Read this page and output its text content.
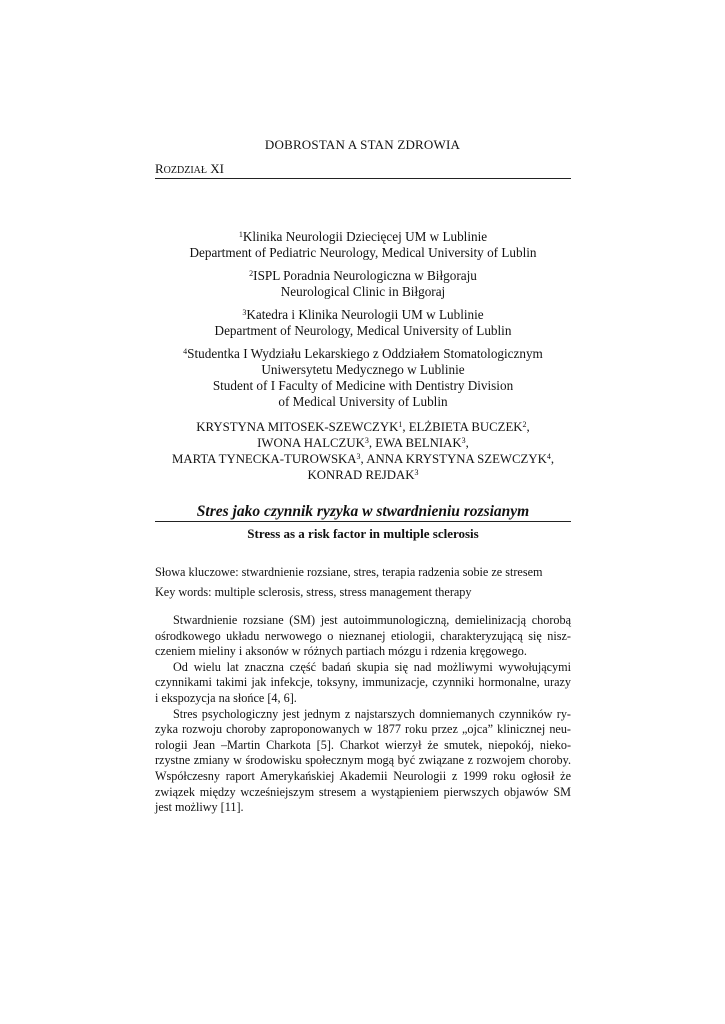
DOBROSTAN A STAN ZDROWIA
ROZDZIAŁ XI
$^1$Klinika Neurologii Dziecięcej UM w Lublinie
Department of Pediatric Neurology, Medical University of Lublin
$^2$ISPL Poradnia Neurologiczna w Biłgoraju
Neurological Clinic in Biłgoraj
$^3$Katedra i Klinika Neurologii UM w Lublinie
Department of Neurology, Medical University of Lublin
$^4$Studentka I Wydziału Lekarskiego z Oddziałem Stomatologicznym
Uniwersytetu Medycznego w Lublinie
Student of I Faculty of Medicine with Dentistry Division
of Medical University of Lublin
KRYSTYNA MITOSEK-SZEWCZYK$^1$, ELŻBIETA BUCZEK$^2$,
IWONA HALCZUK$^3$, EWA BELNIAK$^3$,
MARTA TYNECKA-TUROWSKA$^3$, ANNA KRYSTYNA SZEWCZYK$^4$,
KONRAD REJDAK$^3$
Stres jako czynnik ryzyka w stwardnieniu rozsianym
Stress as a risk factor in multiple sclerosis
Słowa kluczowe: stwardnienie rozsiane, stres, terapia radzenia sobie ze stresem
Key words: multiple sclerosis, stress, stress management therapy

Stwardnienie rozsiane (SM) jest autoimmunologiczną, demielinizacją chorobą
ośrodkowego układu nerwowego o nieznanej etiologii, charakteryzującą się nisz-
czeniem mieliny i aksonów w różnych partiach mózgu i rdzenia kręgowego.

Od wielu lat znaczna część badań skupia się nad możliwymi wywołującymi
czynnikami takimi jak infekcje, toksyny, immunizacje, czynniki hormonalne, urazy
i ekspozycja na słońce [4, 6].

Stres psychologiczny jest jednym z najstarszych domniemanych czynników ry-
zyka rozwoju choroby zaproponowanych w 1877 roku przez „ojca” klinicznej neu-
rologii Jean –Martin Charkota [5]. Charkot wierzył że smutek, niepokój, nieko-
rzystne zmiany w środowisku społecznym mogą być związane z rozwojem choroby.
Współczesny raport Amerykańskiej Akademii Neurologii z 1999 roku ogłosił że
związek między wcześniejszym stresem a wystąpieniem pierwszych objawów SM
jest możliwy [11].
